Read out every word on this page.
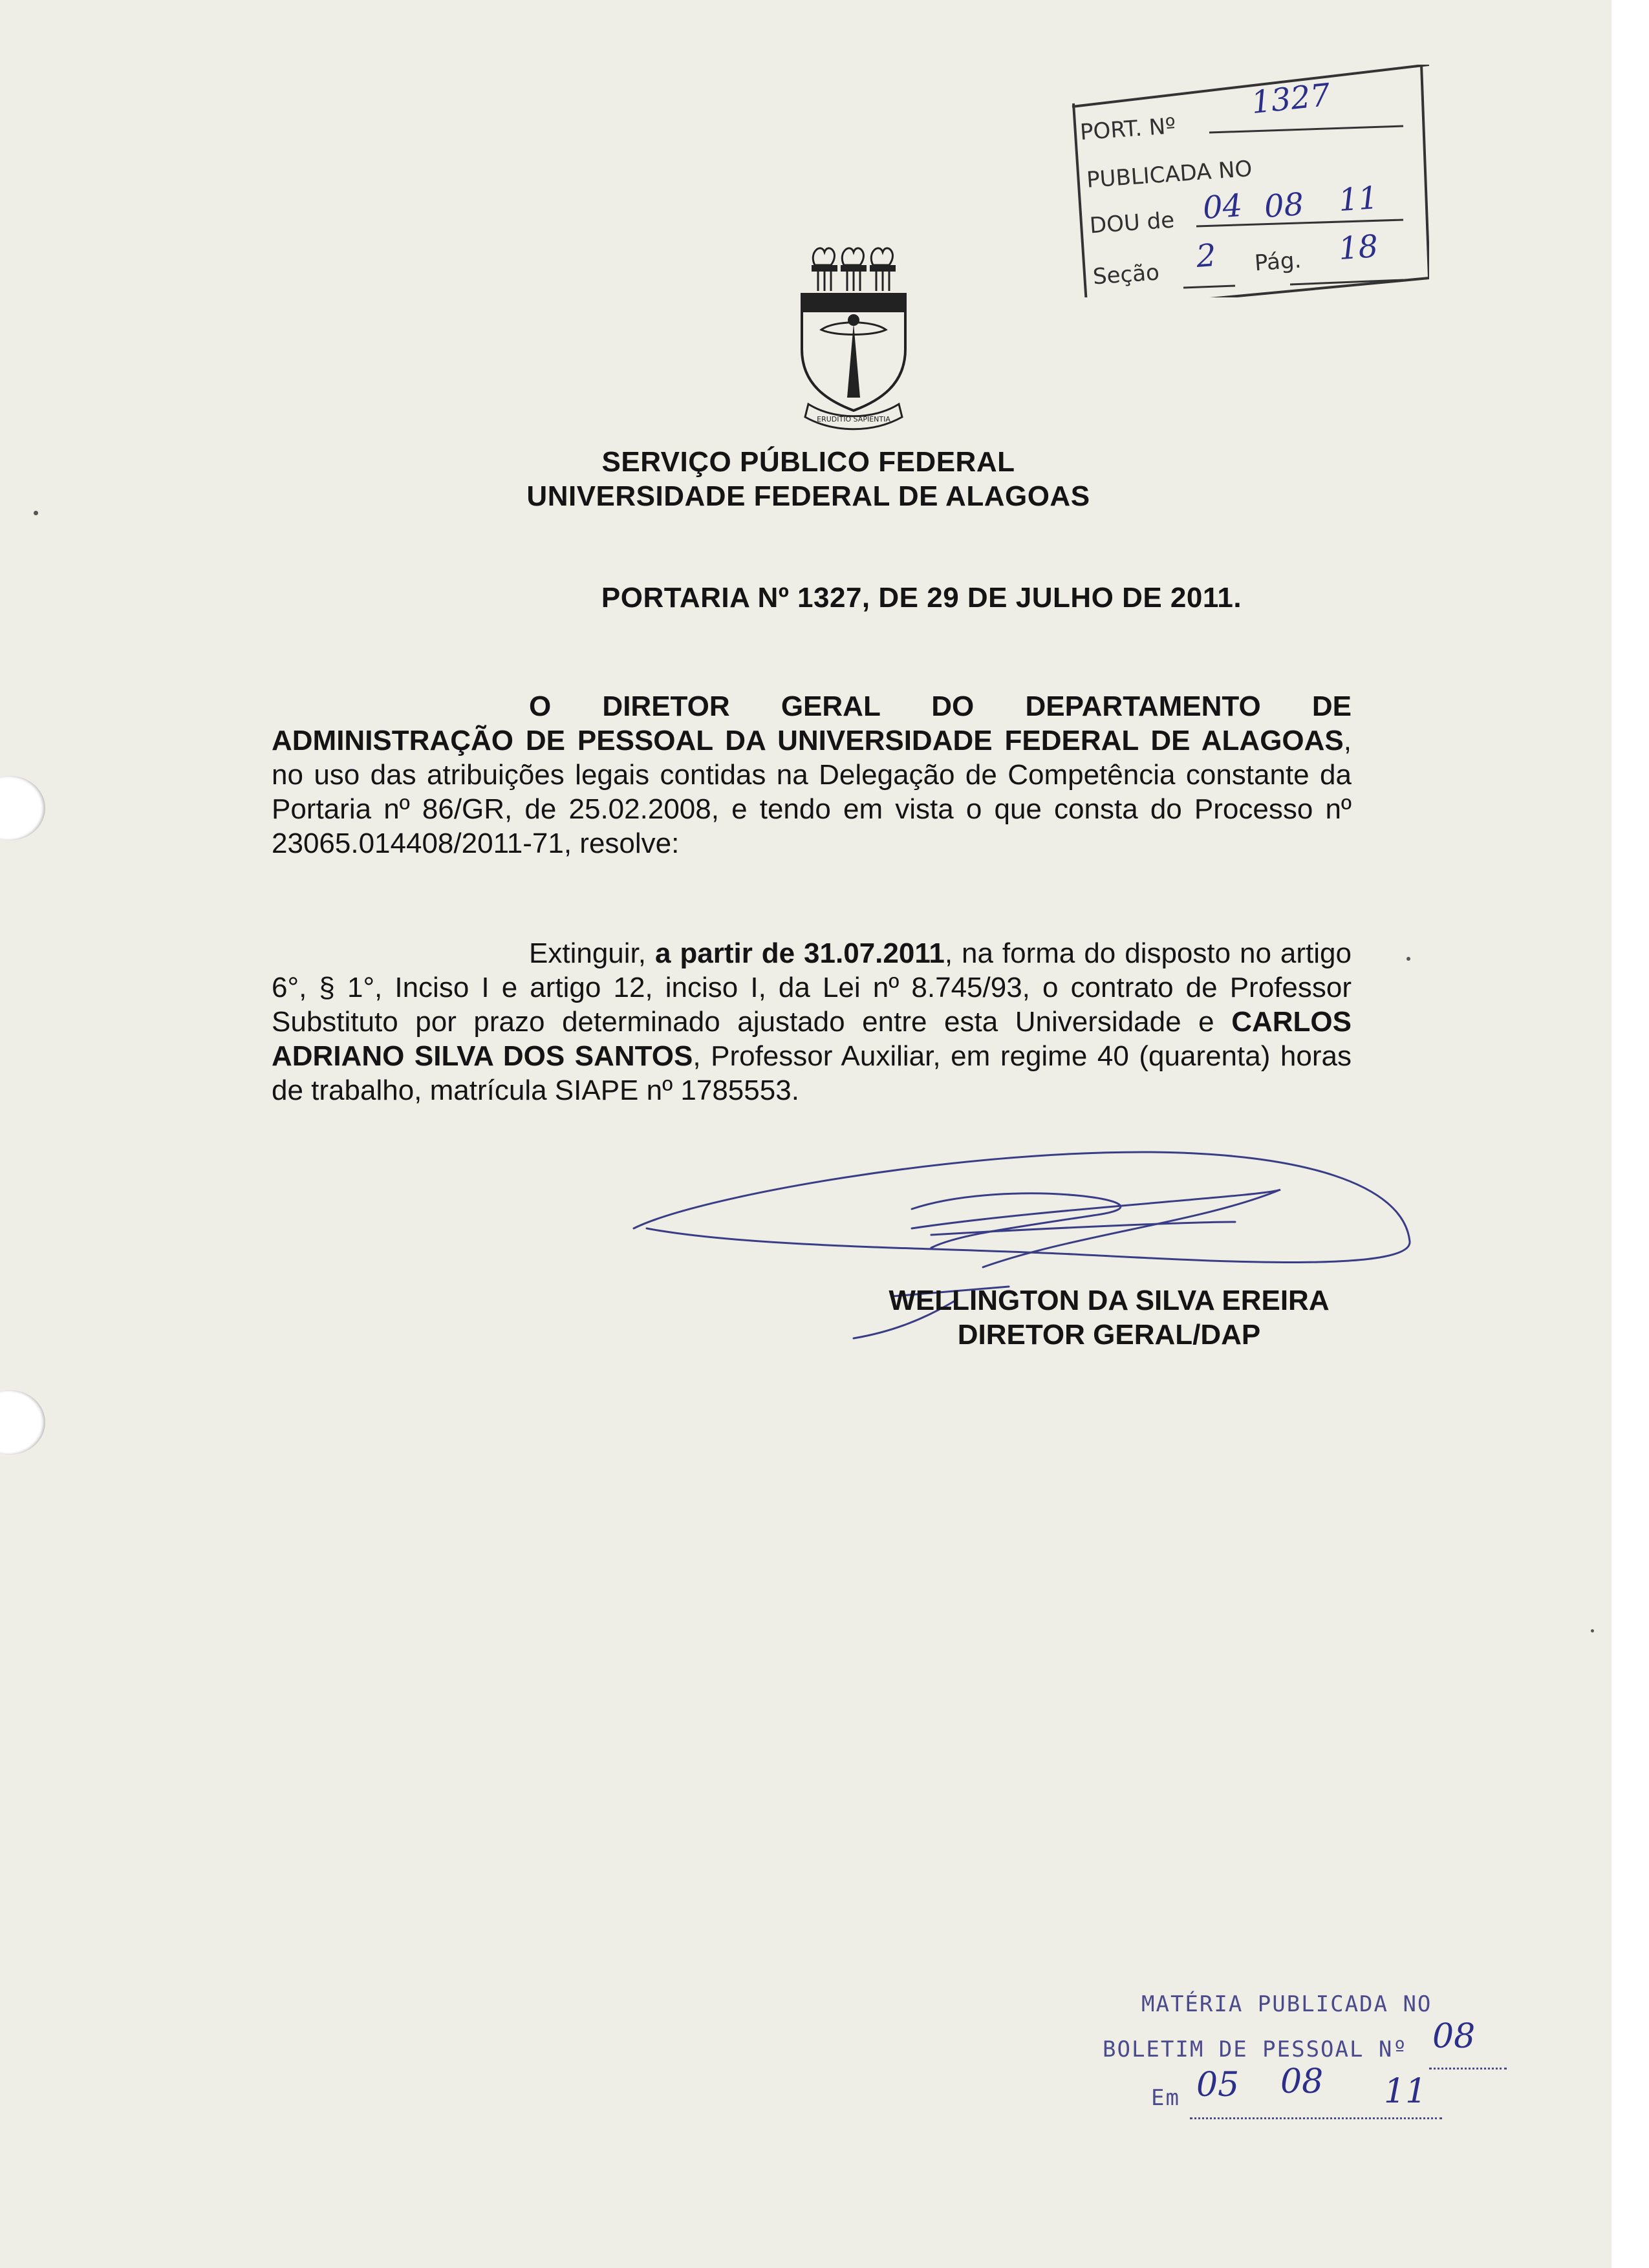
PORT. Nº
1327
PUBLICADA NO
DOU de 04 08 11
Seção
2 Pág. 18
ERUDITIO SAPIENTIA
SERVIÇO PÚBLICO FEDERAL
UNIVERSIDADE FEDERAL DE ALAGOAS
PORTARIA Nº 1327, DE 29 DE JULHO DE 2011.

O DIRETOR GERAL DO DEPARTAMENTO DE ADMINISTRAÇÃO DE PESSOAL DA UNIVERSIDADE FEDERAL DE ALAGOAS, no uso das atribuições legais contidas na Delegação de Competência constante da Portaria nº 86/GR, de 25.02.2008, e tendo em vista o que consta do Processo nº 23065.014408/2011-71, resolve:

Extinguir, a partir de 31.07.2011, na forma do disposto no artigo 6°, § 1°, Inciso I e artigo 12, inciso I, da Lei nº 8.745/93, o contrato de Professor Substituto por prazo determinado ajustado entre esta Universidade e CARLOS ADRIANO SILVA DOS SANTOS, Professor Auxiliar, em regime 40 (quarenta) horas de trabalho, matrícula SIAPE nº 1785553.

WELLINGTON DA SILVA EREIRA
DIRETOR GERAL/DAP
MATÉRIA PUBLICADA NO
BOLETIM DE PESSOAL Nº 08
Em 05 08 11
